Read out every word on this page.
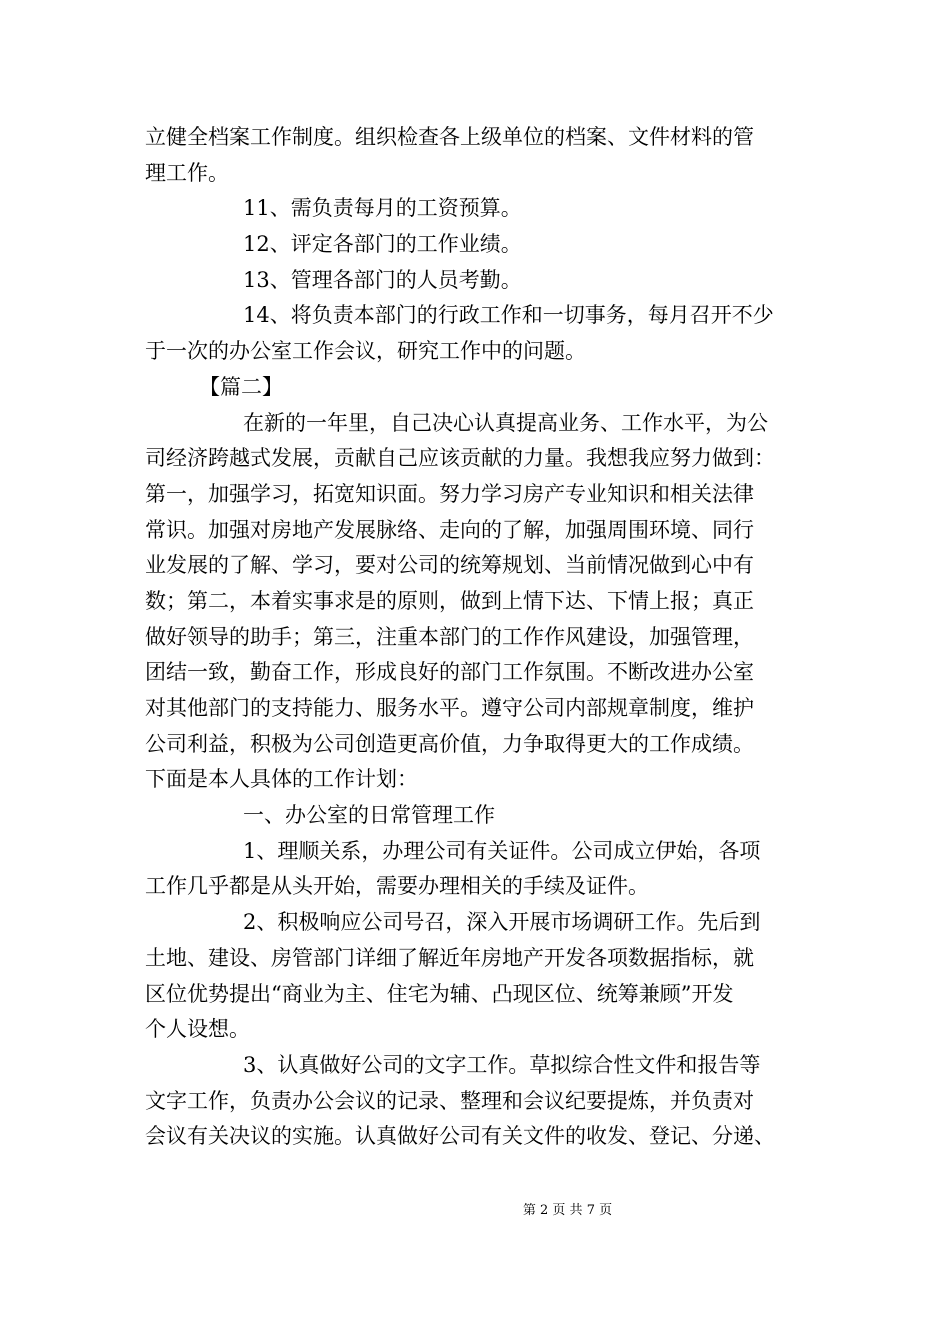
立健全档案工作制度。组织检查各上级单位的档案、文件材料的管
理工作。
11、需负责每月的工资预算。
12、评定各部门的工作业绩。
13、管理各部门的人员考勤。
14、将负责本部门的行政工作和一切事务，每月召开不少
于一次的办公室工作会议，研究工作中的问题。
【篇二】
在新的一年里，自己决心认真提高业务、工作水平，为公
司经济跨越式发展，贡献自己应该贡献的力量。我想我应努力做到：
第一，加强学习，拓宽知识面。努力学习房产专业知识和相关法律
常识。加强对房地产发展脉络、走向的了解，加强周围环境、同行
业发展的了解、学习，要对公司的统筹规划、当前情况做到心中有
数；第二，本着实事求是的原则，做到上情下达、下情上报；真正
做好领导的助手；第三，注重本部门的工作作风建设，加强管理，
团结一致，勤奋工作，形成良好的部门工作氛围。不断改进办公室
对其他部门的支持能力、服务水平。遵守公司内部规章制度，维护
公司利益，积极为公司创造更高价值，力争取得更大的工作成绩。
下面是本人具体的工作计划：
一、办公室的日常管理工作
1、理顺关系，办理公司有关证件。公司成立伊始，各项
工作几乎都是从头开始，需要办理相关的手续及证件。
2、积极响应公司号召，深入开展市场调研工作。先后到
土地、建设、房管部门详细了解近年房地产开发各项数据指标，就
区位优势提出“商业为主、住宅为辅、凸现区位、统筹兼顾”开发
个人设想。
3、认真做好公司的文字工作。草拟综合性文件和报告等
文字工作，负责办公会议的记录、整理和会议纪要提炼，并负责对
会议有关决议的实施。认真做好公司有关文件的收发、登记、分递、
第 2 页 共 7 页
